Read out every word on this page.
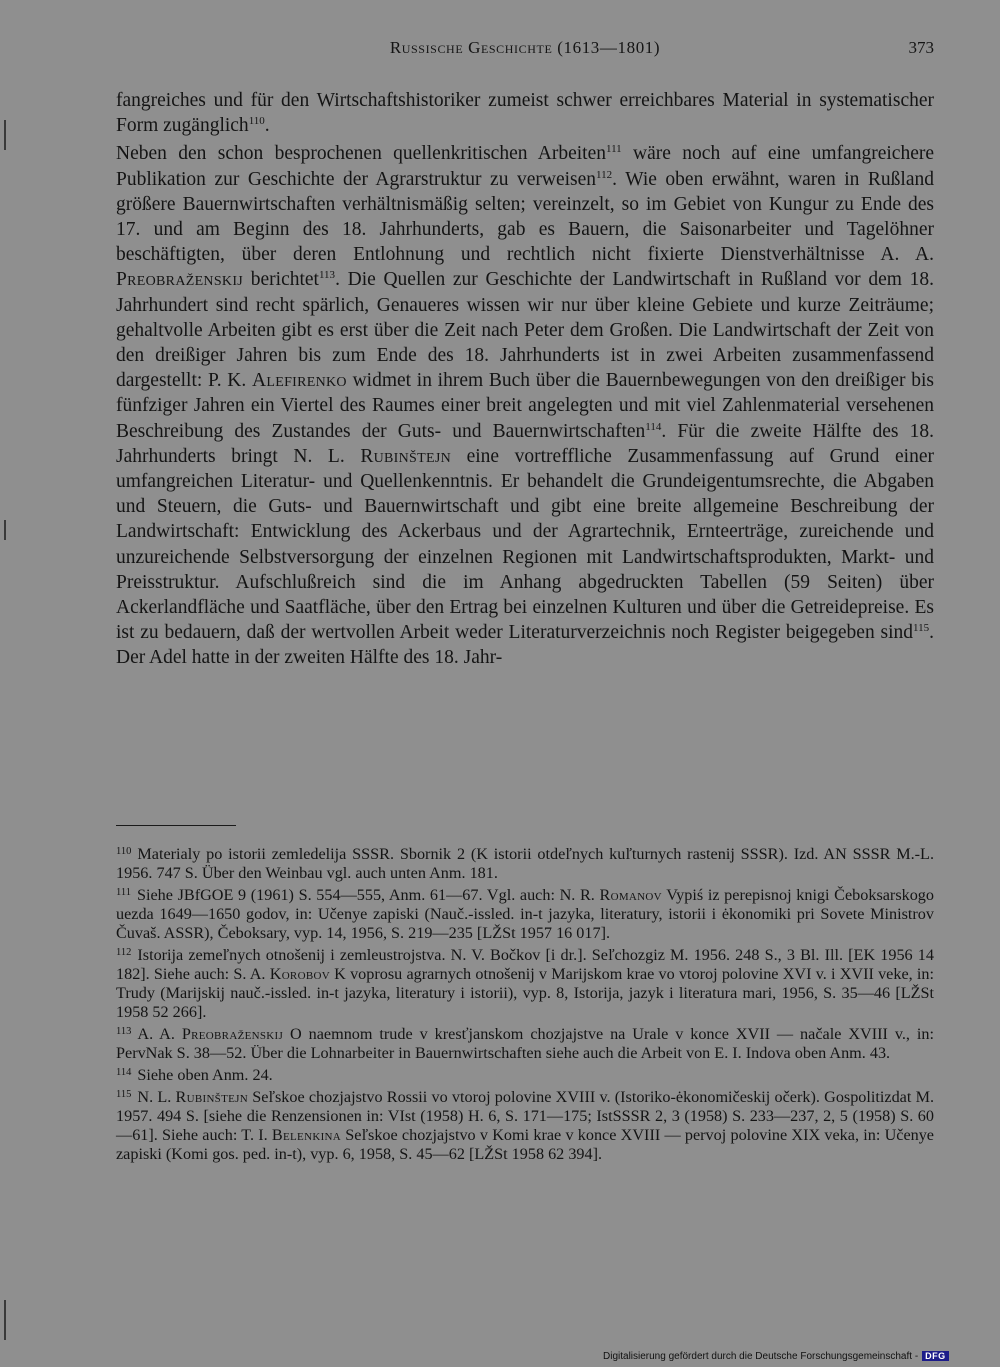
Russische Geschichte (1613—1801)	373

fangreiches und für den Wirtschaftshistoriker zumeist schwer erreichbares Material in systematischer Form zugänglich$^{110}$.

Neben den schon besprochenen quellenkritischen Arbeiten$^{111}$ wäre noch auf eine umfangreichere Publikation zur Geschichte der Agrarstruktur zu verweisen$^{112}$. Wie oben erwähnt, waren in Rußland größere Bauernwirtschaften verhältnismäßig selten; vereinzelt, so im Gebiet von Kungur zu Ende des 17. und am Beginn des 18. Jahrhunderts, gab es Bauern, die Saisonarbeiter und Tagelöhner beschäftigten, über deren Entlohnung und rechtlich nicht fixierte Dienstverhältnisse A. A. Preobraženskij berichtet$^{113}$. Die Quellen zur Geschichte der Landwirtschaft in Rußland vor dem 18. Jahrhundert sind recht spärlich, Genaueres wissen wir nur über kleine Gebiete und kurze Zeiträume; gehaltvolle Arbeiten gibt es erst über die Zeit nach Peter dem Großen. Die Landwirtschaft der Zeit von den dreißiger Jahren bis zum Ende des 18. Jahrhunderts ist in zwei Arbeiten zusammenfassend dargestellt: P. K. Alefirenko widmet in ihrem Buch über die Bauernbewegungen von den dreißiger bis fünfziger Jahren ein Viertel des Raumes einer breit angelegten und mit viel Zahlenmaterial versehenen Beschreibung des Zustandes der Guts- und Bauernwirtschaften$^{114}$. Für die zweite Hälfte des 18. Jahrhunderts bringt N. L. Rubinštejn eine vortreffliche Zusammenfassung auf Grund einer umfangreichen Literatur- und Quellenkenntnis. Er behandelt die Grundeigentumsrechte, die Abgaben und Steuern, die Guts- und Bauernwirtschaft und gibt eine breite allgemeine Beschreibung der Landwirtschaft: Entwicklung des Ackerbaus und der Agrartechnik, Ernteerträge, zureichende und unzureichende Selbstversorgung der einzelnen Regionen mit Landwirtschaftsprodukten, Markt- und Preisstruktur. Aufschlußreich sind die im Anhang abgedruckten Tabellen (59 Seiten) über Ackerlandfläche und Saatfläche, über den Ertrag bei einzelnen Kulturen und über die Getreidepreise. Es ist zu bedauern, daß der wertvollen Arbeit weder Literaturverzeichnis noch Register beigegeben sind$^{115}$. Der Adel hatte in der zweiten Hälfte des 18. Jahr-

$^{110}$ Materialy po istorii zemledelija SSSR. Sbornik 2 (K istorii otdeľnych kuľturnych rastenij SSSR). Izd. AN SSSR M.-L. 1956. 747 S. Über den Weinbau vgl. auch unten Anm. 181.

$^{111}$ Siehe JBfGOE 9 (1961) S. 554—555, Anm. 61—67. Vgl. auch: N. R. Romanov Vypiś iz perepisnoj knigi Čeboksarskogo uezda 1649—1650 godov, in: Učenye zapiski (Nauč.-issled. in-t jazyka, literatury, istorii i ėkonomiki pri Sovete Ministrov Čuvaš. ASSR), Čeboksary, vyp. 14, 1956, S. 219—235 [LŽSt 1957 16 017].

$^{112}$ Istorija zemeľnych otnošenij i zemleustrojstva. N. V. Bočkov [i dr.]. Seľchozgiz M. 1956. 248 S., 3 Bl. Ill. [EK 1956 14 182]. Siehe auch: S. A. Korobov K voprosu agrarnych otnošenij v Marijskom krae vo vtoroj polovine XVI v. i XVII veke, in: Trudy (Marijskij nauč.-issled. in-t jazyka, literatury i istorii), vyp. 8, Istorija, jazyk i literatura mari, 1956, S. 35—46 [LŽSt 1958 52 266].

$^{113}$ A. A. Preobraženskij O naemnom trude v kresťjanskom chozjajstve na Urale v konce XVII — načale XVIII v., in: PervNak S. 38—52. Über die Lohnarbeiter in Bauernwirtschaften siehe auch die Arbeit von E. I. Indova oben Anm. 43.

$^{114}$ Siehe oben Anm. 24.

$^{115}$ N. L. Rubinštejn Seľskoe chozjajstvo Rossii vo vtoroj polovine XVIII v. (Istoriko-ėkonomičeskij očerk). Gospolitizdat M. 1957. 494 S. [siehe die Renzensionen in: VIst (1958) H. 6, S. 171—175; IstSSSR 2, 3 (1958) S. 233—237, 2, 5 (1958) S. 60—61]. Siehe auch: T. I. Belenkina Seľskoe chozjajstvo v Komi krae v konce XVIII — pervoj polovine XIX veka, in: Učenye zapiski (Komi gos. ped. in-t), vyp. 6, 1958, S. 45—62 [LŽSt 1958 62 394].

Digitalisierung gefördert durch die Deutsche Forschungsgemeinschaft - DFG
